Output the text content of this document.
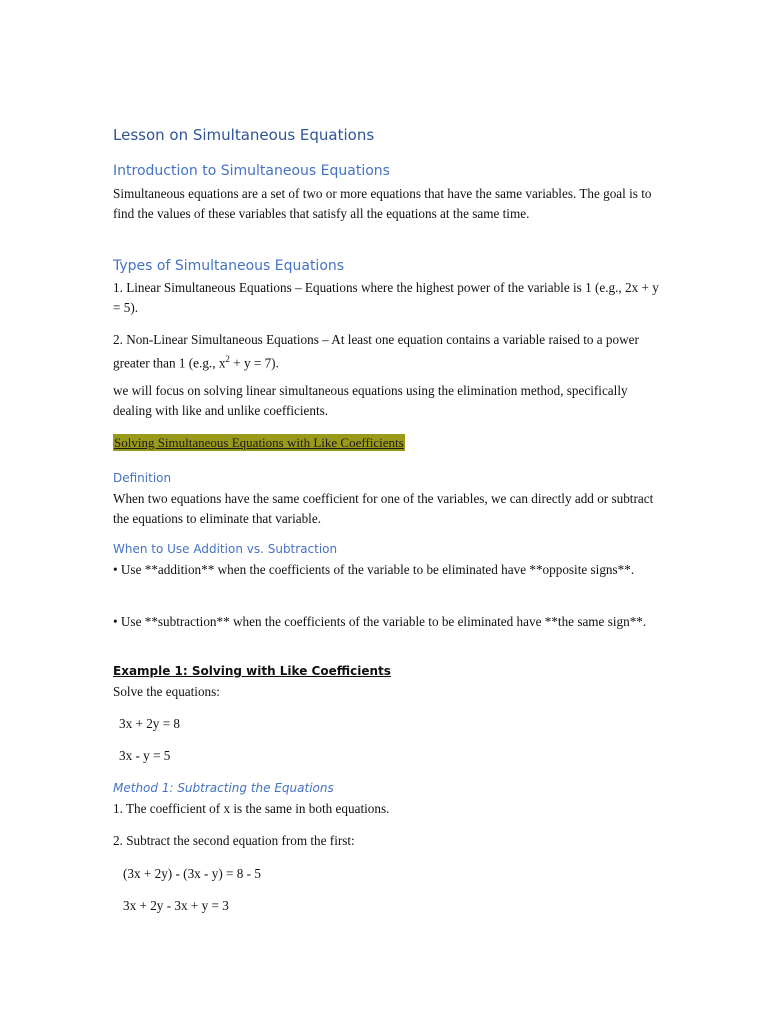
Lesson on Simultaneous Equations
Introduction to Simultaneous Equations

Simultaneous equations are a set of two or more equations that have the same variables. The goal is to find the values of these variables that satisfy all the equations at the same time.

Types of Simultaneous Equations

1. Linear Simultaneous Equations – Equations where the highest power of the variable is 1 (e.g., 2x + y = 5).

2. Non-Linear Simultaneous Equations – At least one equation contains a variable raised to a power greater than 1 (e.g., $x^2 + y = 7$).

we will focus on solving linear simultaneous equations using the elimination method, specifically dealing with like and unlike coefficients.

Solving Simultaneous Equations with Like Coefficients
Definition

When two equations have the same coefficient for one of the variables, we can directly add or subtract the equations to eliminate that variable.

When to Use Addition vs. Subtraction

• Use **addition** when the coefficients of the variable to be eliminated have **opposite signs**.

• Use **subtraction** when the coefficients of the variable to be eliminated have **the same sign**.

Example 1: Solving with Like Coefficients

Solve the equations:

3x + 2y = 8

3x - y = 5

Method 1: Subtracting the Equations

1. The coefficient of x is the same in both equations.

2. Subtract the second equation from the first:

(3x + 2y) - (3x - y) = 8 - 5

3x + 2y - 3x + y = 3
